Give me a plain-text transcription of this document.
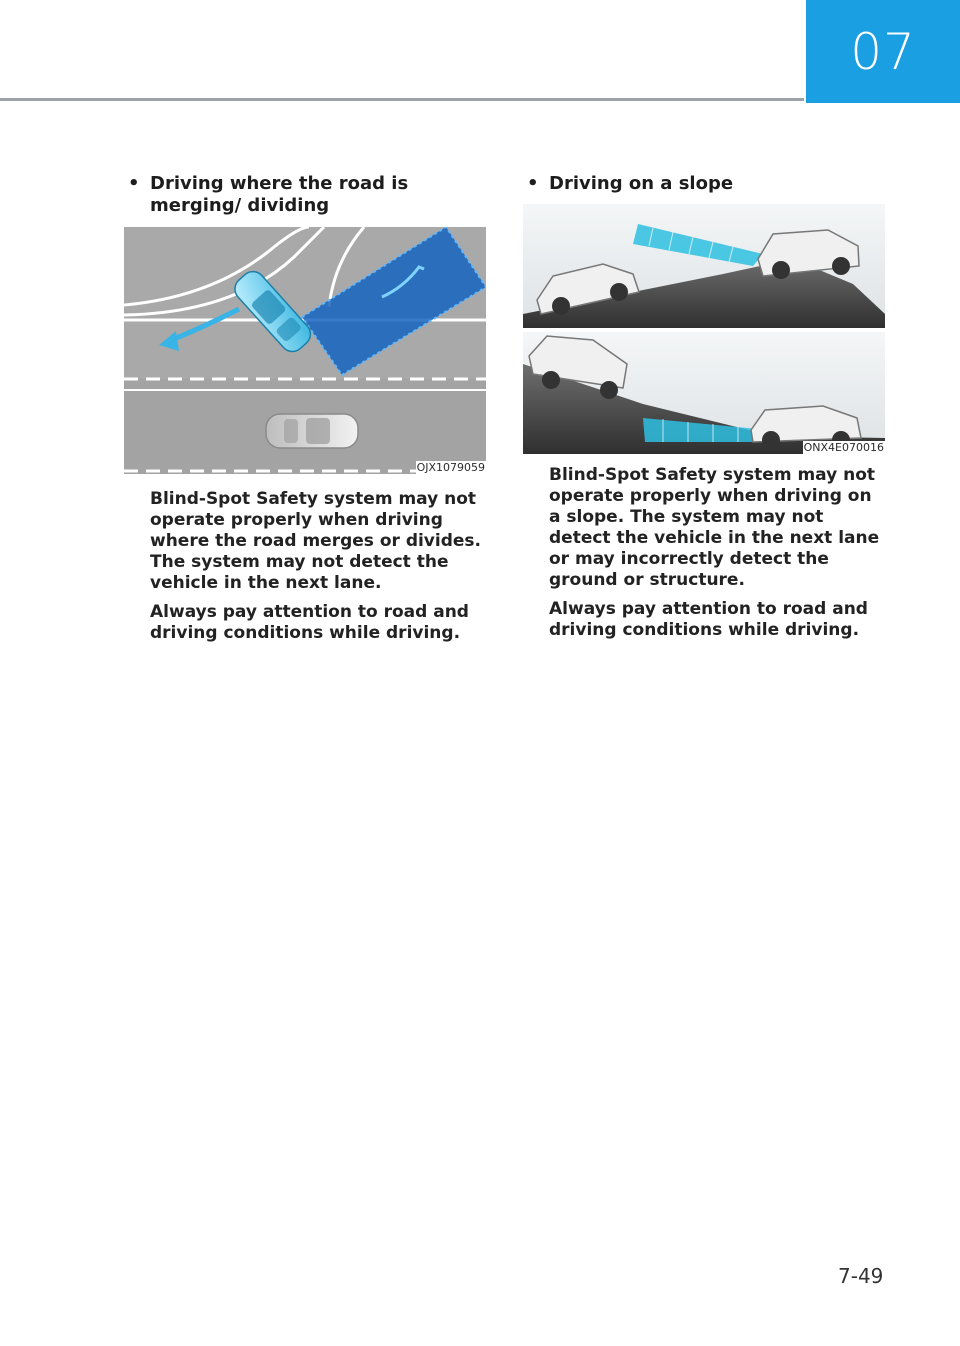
07
• Driving where the road is merging/ dividing
OJX1079059

Blind-Spot Safety system may not operate properly when driving where the road merges or divides. The system may not detect the vehicle in the next lane.

Always pay attention to road and driving conditions while driving.

• Driving on a slope
ONX4E070016

Blind-Spot Safety system may not operate properly when driving on a slope. The system may not detect the vehicle in the next lane or may incorrectly detect the ground or structure.

Always pay attention to road and driving conditions while driving.

7-49
